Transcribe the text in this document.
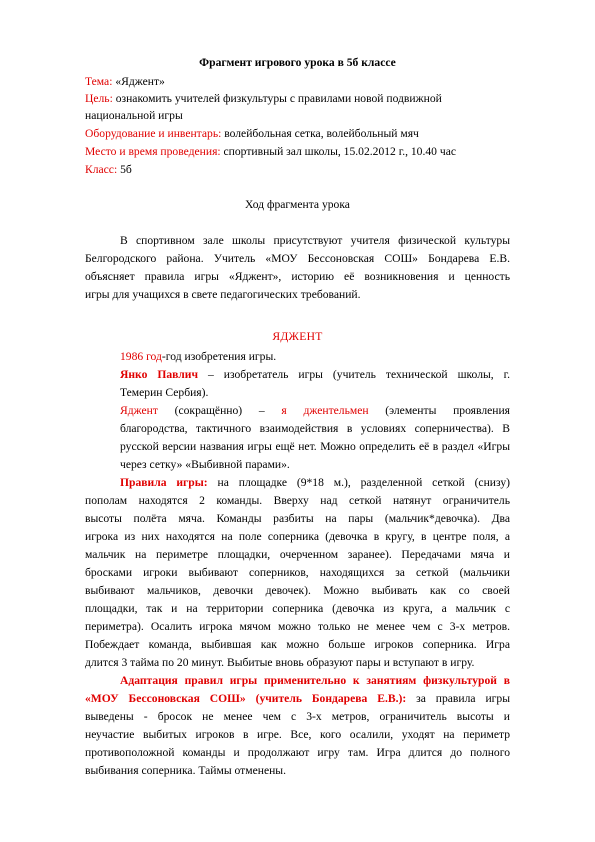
Фрагмент игрового урока в 5б классе
Тема: «Яджент»
Цель: ознакомить учителей физкультуры с правилами новой подвижной
национальной игры
Оборудование и инвентарь: волейбольная сетка, волейбольный мяч
Место и время проведения: спортивный зал школы, 15.02.2012 г., 10.40 час
Класс: 5б
Ход фрагмента урока
В спортивном зале школы присутствуют учителя физической культуры
Белгородского района. Учитель «МОУ Бессоновская СОШ» Бондарева Е.В.
объясняет правила игры «Яджент», историю её возникновения и ценность
игры для учащихся в свете педагогических требований.
ЯДЖЕНТ
1986 год-год изобретения игры.
Янко Павлич – изобретатель игры (учитель технической школы, г.
Темерин Сербия).
Яджент (сокращённо) – я джентельмен (элементы проявления
благородства, тактичного взаимодействия в условиях соперничества). В
русской версии названия игры ещё нет. Можно определить её в раздел «Игры
через сетку» «Выбивной парами».
Правила игры: на площадке (9*18 м.), разделенной сеткой (снизу)
пополам находятся 2 команды. Вверху над сеткой натянут ограничитель
высоты полёта мяча. Команды разбиты на пары (мальчик*девочка). Два
игрока из них находятся на поле соперника (девочка в кругу, в центре поля, а
мальчик на периметре площадки, очерченном заранее). Передачами мяча и
бросками игроки выбивают соперников, находящихся за сеткой (мальчики
выбивают мальчиков, девочки девочек). Можно выбивать как со своей
площадки, так и на территории соперника (девочка из круга, а мальчик с
периметра). Осалить игрока мячом можно только не менее чем с 3-х метров.
Побеждает команда, выбившая как можно больше игроков соперника. Игра
длится 3 тайма по 20 минут. Выбитые вновь образуют пары и вступают в игру.
Адаптация правил игры применительно к занятиям физкультурой в
«МОУ Бессоновская СОШ» (учитель Бондарева Е.В.): за правила игры
выведены - бросок не менее чем с 3-х метров, ограничитель высоты и
неучастие выбитых игроков в игре. Все, кого осалили, уходят на периметр
противоположной команды и продолжают игру там. Игра длится до полного
выбивания соперника. Таймы отменены.
